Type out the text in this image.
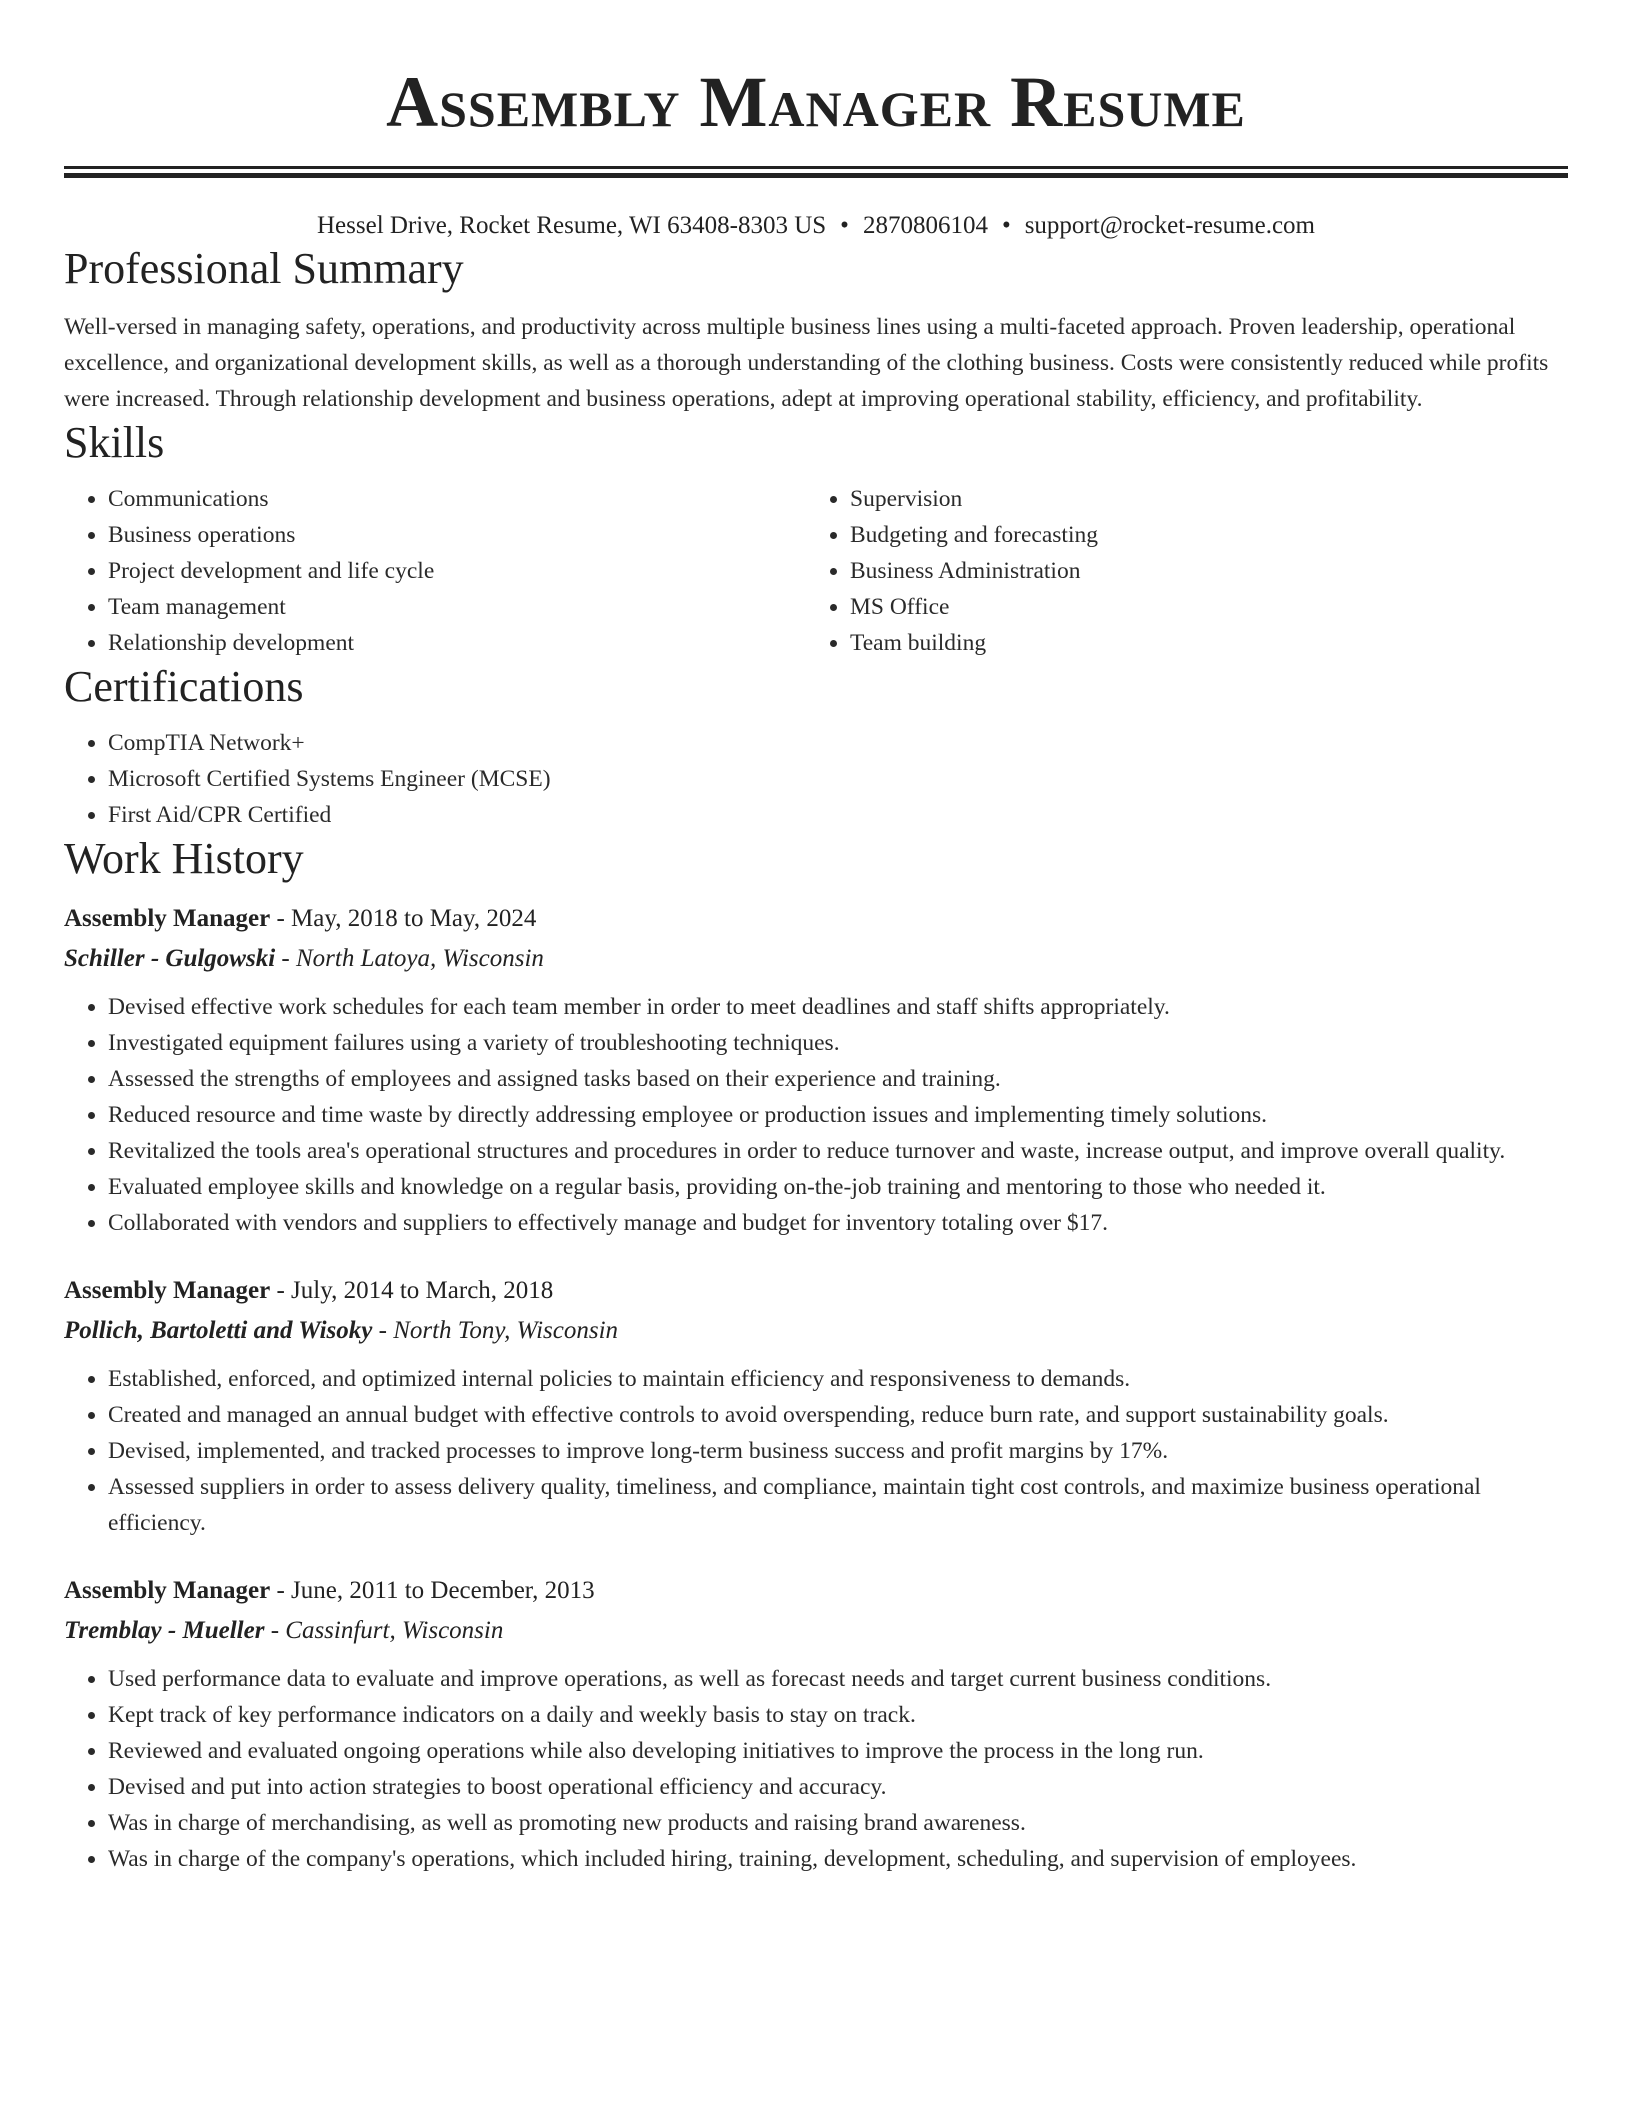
Assembly Manager Resume
Hessel Drive, Rocket Resume, WI 63408-8303 US • 2870806104 • support@rocket-resume.com
Professional Summary
Well-versed in managing safety, operations, and productivity across multiple business lines using a multi-faceted approach. Proven leadership, operational excellence, and organizational development skills, as well as a thorough understanding of the clothing business. Costs were consistently reduced while profits were increased. Through relationship development and business operations, adept at improving operational stability, efficiency, and profitability.
Skills
• Communications
• Business operations
• Project development and life cycle
• Team management
• Relationship development
• Supervision
• Budgeting and forecasting
• Business Administration
• MS Office
• Team building
Certifications
• CompTIA Network+
• Microsoft Certified Systems Engineer (MCSE)
• First Aid/CPR Certified
Work History
Assembly Manager - May, 2018 to May, 2024
Schiller - Gulgowski - North Latoya, Wisconsin
• Devised effective work schedules for each team member in order to meet deadlines and staff shifts appropriately.
• Investigated equipment failures using a variety of troubleshooting techniques.
• Assessed the strengths of employees and assigned tasks based on their experience and training.
• Reduced resource and time waste by directly addressing employee or production issues and implementing timely solutions.
• Revitalized the tools area's operational structures and procedures in order to reduce turnover and waste, increase output, and improve overall quality.
• Evaluated employee skills and knowledge on a regular basis, providing on-the-job training and mentoring to those who needed it.
• Collaborated with vendors and suppliers to effectively manage and budget for inventory totaling over $17.
Assembly Manager - July, 2014 to March, 2018
Pollich, Bartoletti and Wisoky - North Tony, Wisconsin
• Established, enforced, and optimized internal policies to maintain efficiency and responsiveness to demands.
• Created and managed an annual budget with effective controls to avoid overspending, reduce burn rate, and support sustainability goals.
• Devised, implemented, and tracked processes to improve long-term business success and profit margins by 17%.
• Assessed suppliers in order to assess delivery quality, timeliness, and compliance, maintain tight cost controls, and maximize business operational efficiency.
Assembly Manager - June, 2011 to December, 2013
Tremblay - Mueller - Cassinfurt, Wisconsin
• Used performance data to evaluate and improve operations, as well as forecast needs and target current business conditions.
• Kept track of key performance indicators on a daily and weekly basis to stay on track.
• Reviewed and evaluated ongoing operations while also developing initiatives to improve the process in the long run.
• Devised and put into action strategies to boost operational efficiency and accuracy.
• Was in charge of merchandising, as well as promoting new products and raising brand awareness.
• Was in charge of the company's operations, which included hiring, training, development, scheduling, and supervision of employees.
